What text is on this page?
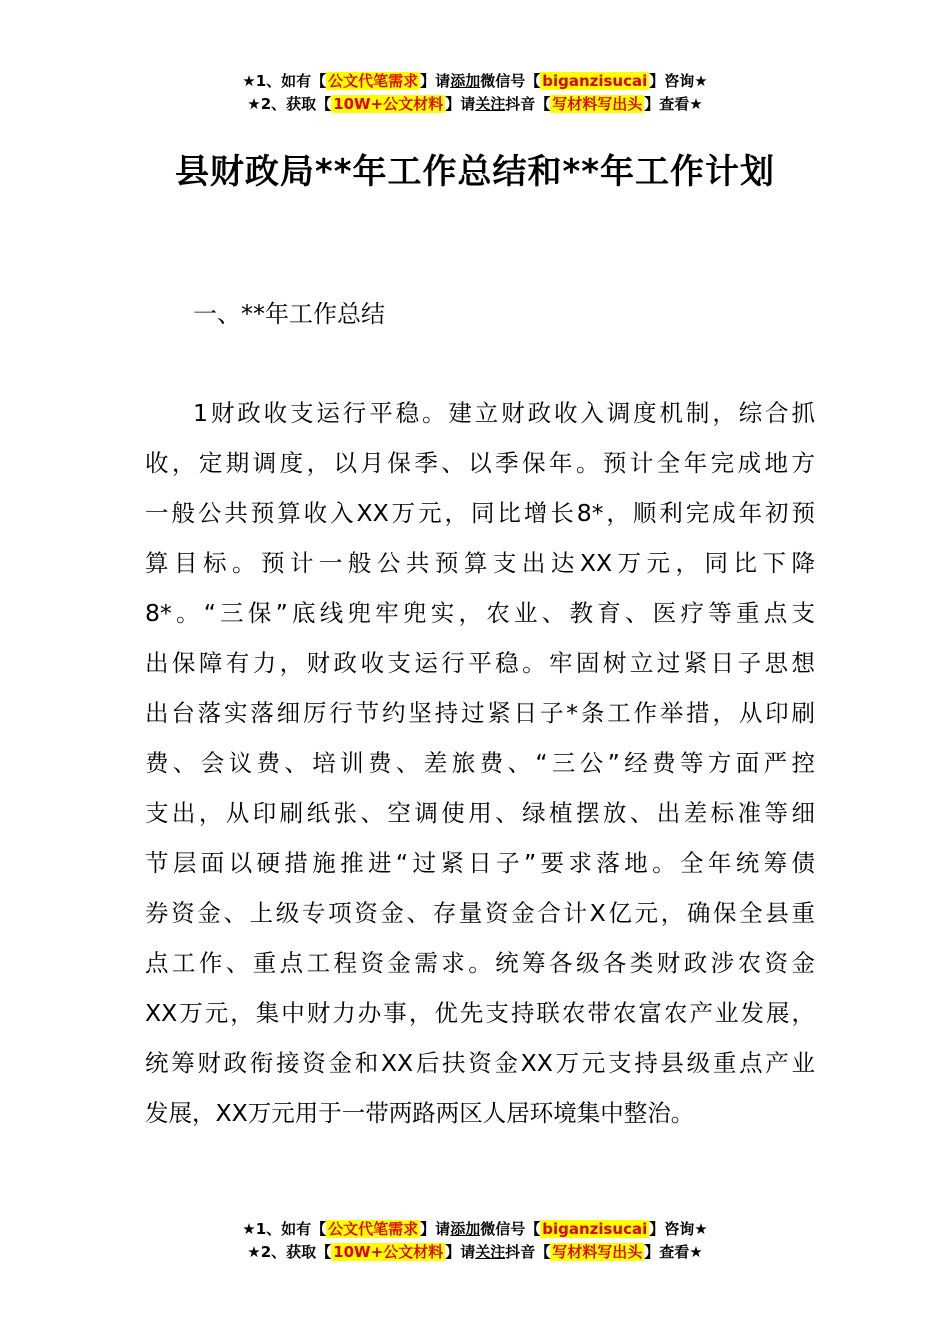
★1、如有【 公文代笔需求 】请添加微信号【 biganzisucai 】咨询★
★2、获取【 10W+公文材料 】请关注抖音【 写材料写出头 】查看★
县财政局**年工作总结和**年工作计划
一、**年工作总结
1财政收支运行平稳。建立财政收入调度机制，综合抓
收，定期调度，以月保季、以季保年。预计全年完成地方
一般公共预算收入XX万元，同比增长8*，顺利完成年初预
算目标。预计一般公共预算支出达XX万元，同比下降
8*。“三保”底线兜牢兜实，农业、教育、医疗等重点支
出保障有力，财政收支运行平稳。牢固树立过紧日子思想
出台落实落细厉行节约坚持过紧日子*条工作举措，从印刷
费、会议费、培训费、差旅费、“三公”经费等方面严控
支出，从印刷纸张、空调使用、绿植摆放、出差标准等细
节层面以硬措施推进“过紧日子”要求落地。全年统筹债
券资金、上级专项资金、存量资金合计X亿元，确保全县重
点工作、重点工程资金需求。统筹各级各类财政涉农资金
XX万元，集中财力办事，优先支持联农带农富农产业发展，
统筹财政衔接资金和XX后扶资金XX万元支持县级重点产业
发展，XX万元用于一带两路两区人居环境集中整治。
★1、如有【 公文代笔需求 】请添加微信号【 biganzisucai 】咨询★
★2、获取【 10W+公文材料 】请关注抖音【 写材料写出头 】查看★
